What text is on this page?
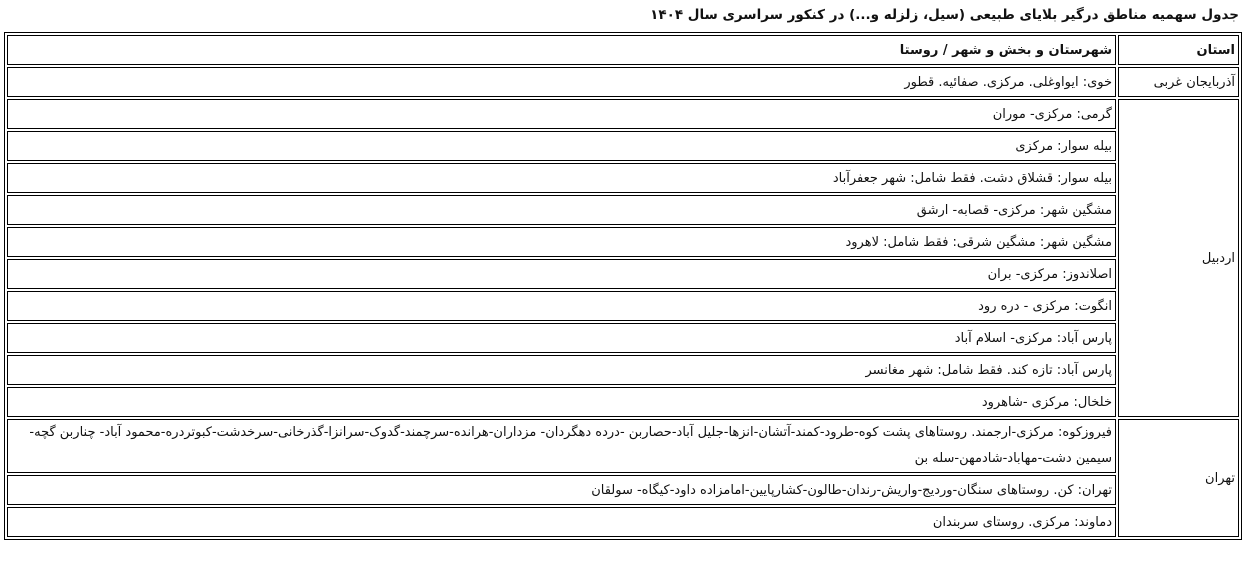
جدول سهمیه مناطق درگیر بلایای طبیعی (سیل، زلزله و...) در کنکور سراسری سال ۱۴۰۴
استان	شهرستان و بخش و شهر / روستا
آذربایجان غربی	خوی: ایواوغلی. مرکزی. صفائیه. قطور
اردبیل	گرمی: مرکزی- موران
	بیله سوار: مرکزی
	بیله سوار: قشلاق دشت. فقط شامل: شهر جعفرآباد
	مشگین شهر: مرکزی- قصابه- ارشق
	مشگین شهر: مشگین شرقی: فقط شامل: لاهرود
	اصلاندوز: مرکزی- بران
	انگوت: مرکزی - دره رود
	پارس آباد: مرکزی- اسلام آباد
	پارس آباد: تازه کند. فقط شامل: شهر مغانسر
	خلخال: مرکزی -شاهرود
تهران	فیروزکوه: مرکزی-ارجمند. روستاهای پشت کوه-طرود-کمند-آتشان-انزها-جلیل آباد-حصاربن -درده دهگردان- مزداران-هرانده-سرچمند-گدوک-سرانزا-گذرخانی-سرخدشت-کبوتردره-محمود آباد- چناربن گچه-سیمین دشت-مهاباد-شادمهن-سله بن
	تهران: کن. روستاهای سنگان-وردیج-واریش-رندان-طالون-کشارپایین-امامزاده داود-کیگاه- سولقان
	دماوند: مرکزی. روستای سربندان
